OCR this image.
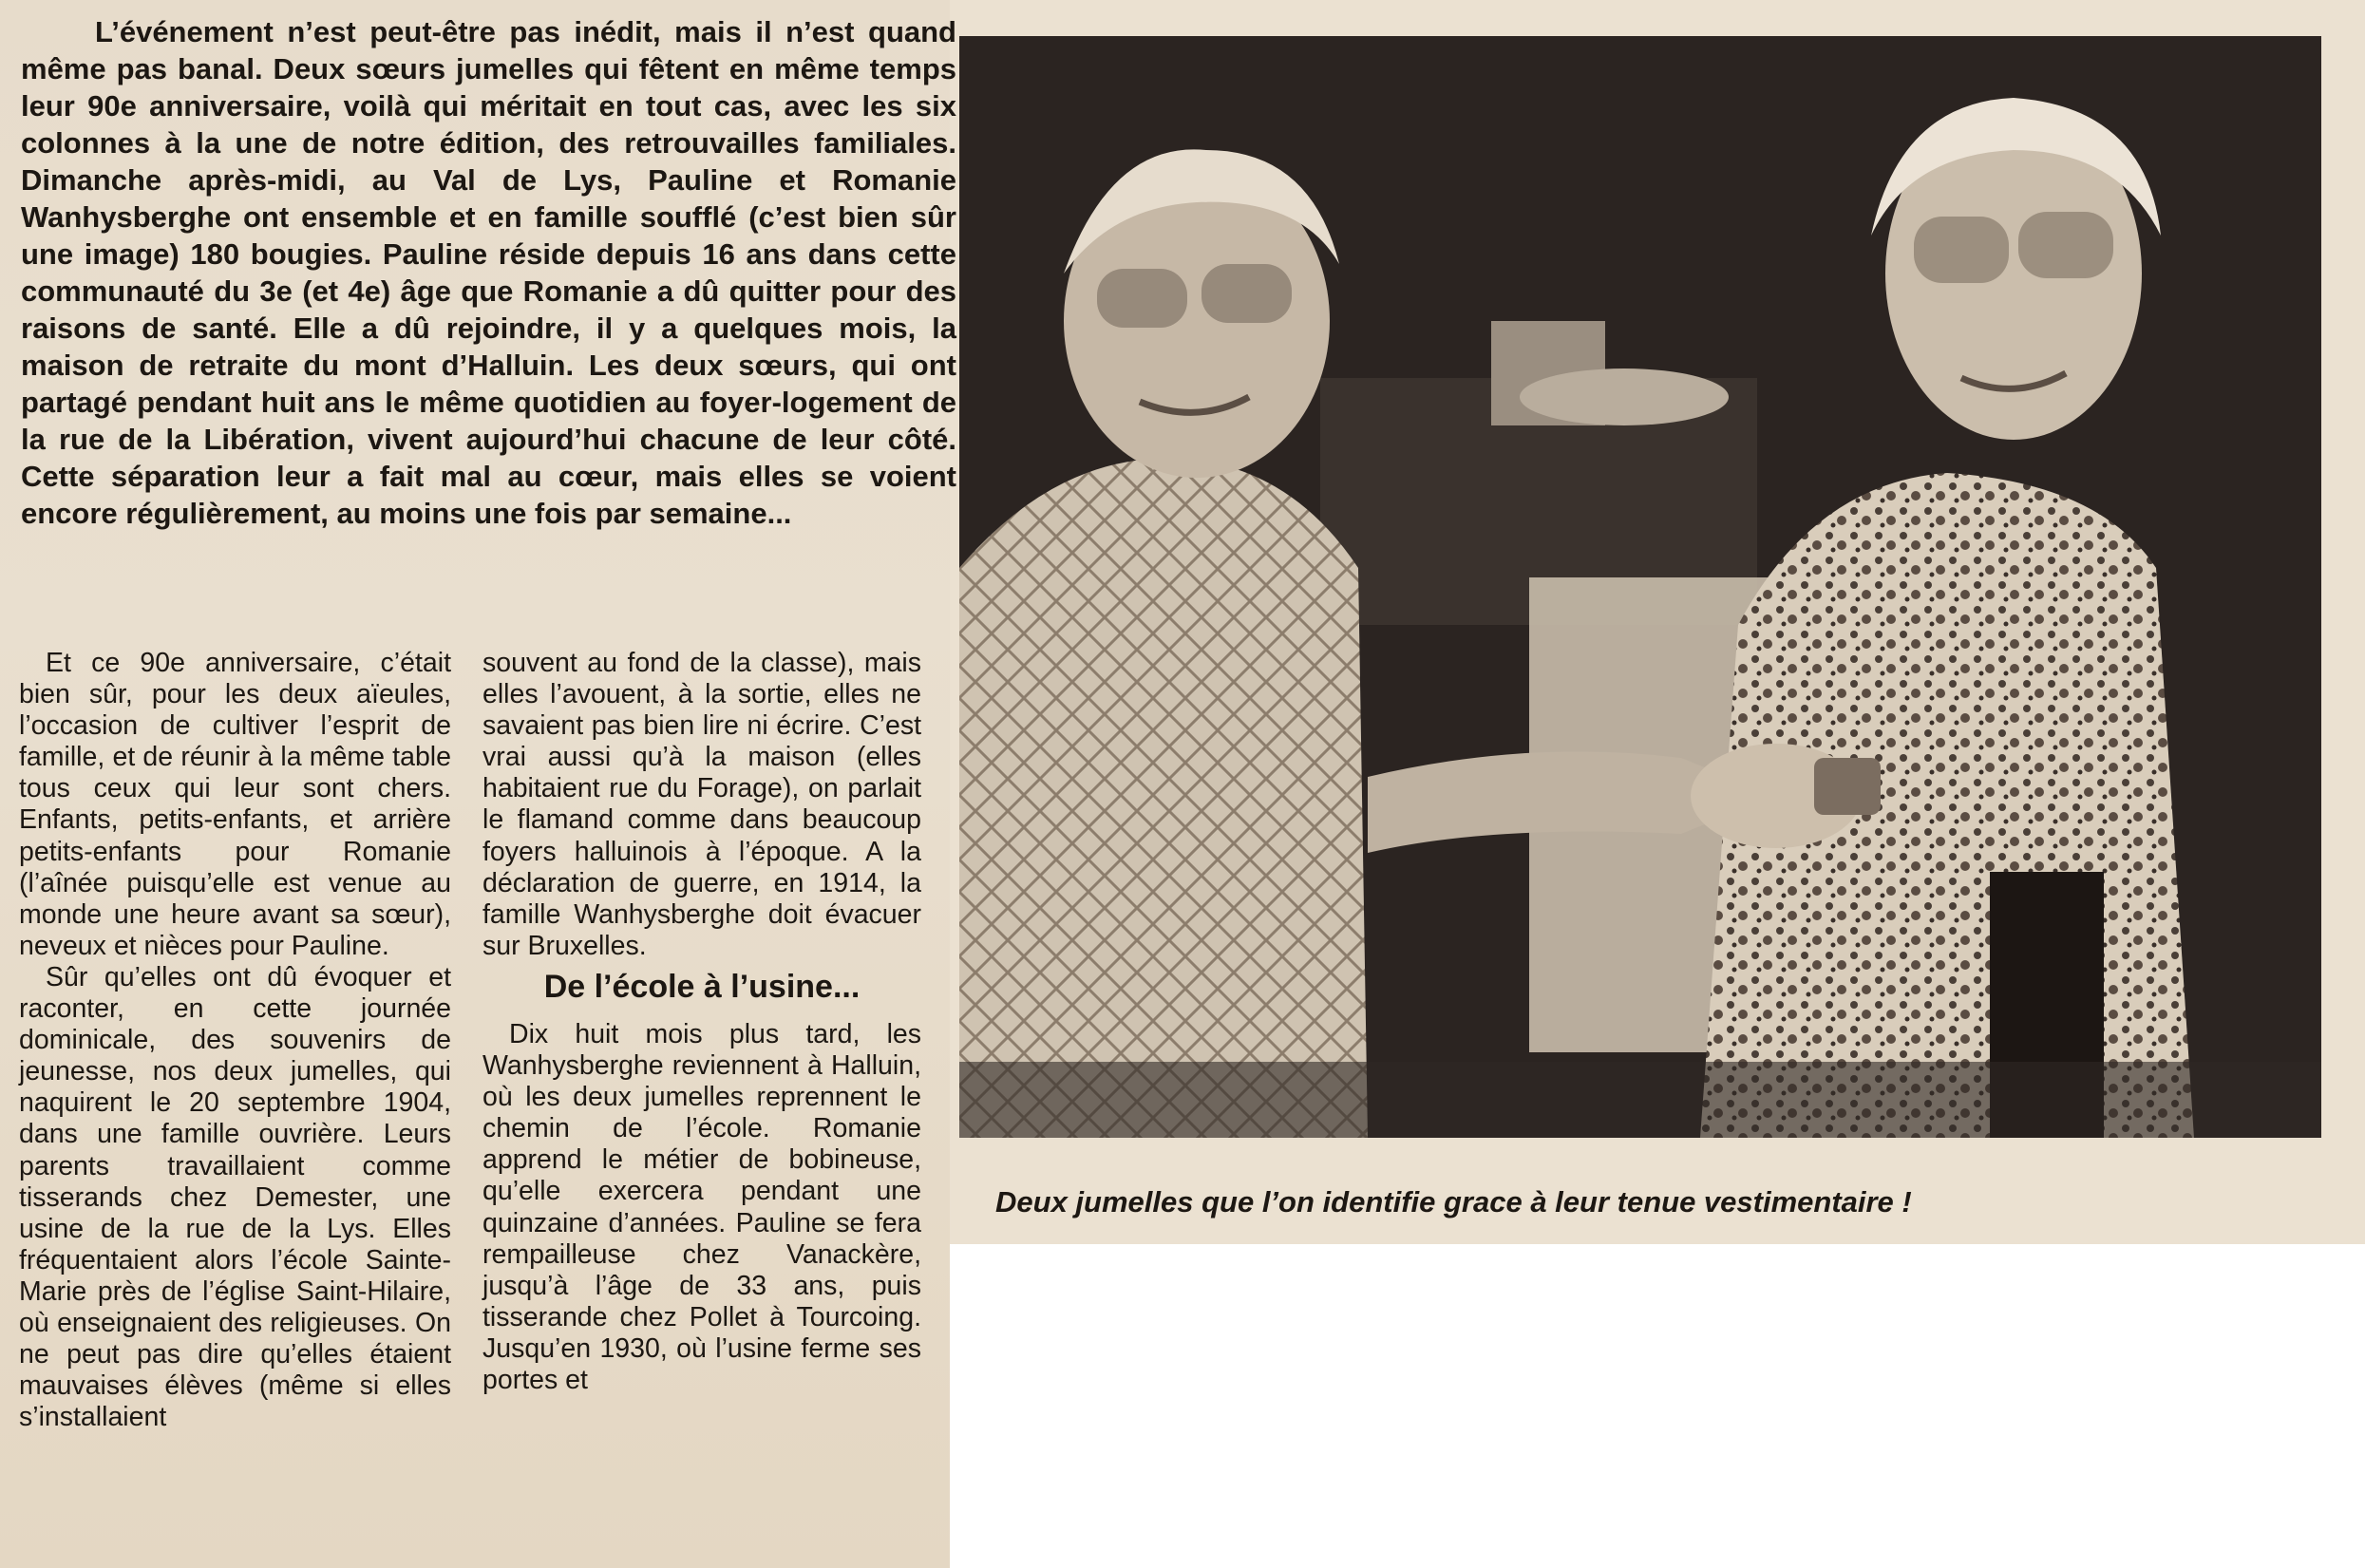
L’événement n’est peut-être pas inédit, mais il n’est quand même pas banal. Deux sœurs jumelles qui fêtent en même temps leur 90e anniversaire, voilà qui méritait en tout cas, avec les six colonnes à la une de notre édition, des retrouvailles familiales. Dimanche après-midi, au Val de Lys, Pauline et Romanie Wanhysberghe ont ensemble et en famille soufflé (c’est bien sûr une image) 180 bougies. Pauline réside depuis 16 ans dans cette communauté du 3e (et 4e) âge que Romanie a dû quitter pour des raisons de santé. Elle a dû rejoindre, il y a quelques mois, la maison de retraite du mont d’Halluin. Les deux sœurs, qui ont partagé pendant huit ans le même quotidien au foyer-logement de la rue de la Libération, vivent aujourd’hui chacune de leur côté. Cette séparation leur a fait mal au cœur, mais elles se voient encore régulièrement, au moins une fois par semaine...

Et ce 90e anniversaire, c’était bien sûr, pour les deux aïeules, l’occasion de cultiver l’esprit de famille, et de réunir à la même table tous ceux qui leur sont chers. Enfants, petits-enfants, et arrière petits-enfants pour Romanie (l’aînée puisqu’elle est venue au monde une heure avant sa sœur), neveux et nièces pour Pauline.

Sûr qu’elles ont dû évoquer et raconter, en cette journée dominicale, des souvenirs de jeunesse, nos deux jumelles, qui naquirent le 20 septembre 1904, dans une famille ouvrière. Leurs parents travaillaient comme tisserands chez Demester, une usine de la rue de la Lys. Elles fréquentaient alors l’école Sainte-Marie près de l’église Saint-Hilaire, où enseignaient des religieuses. On ne peut pas dire qu’elles étaient mauvaises élèves (même si elles s’installaient

souvent au fond de la classe), mais elles l’avouent, à la sortie, elles ne savaient pas bien lire ni écrire. C’est vrai aussi qu’à la maison (elles habitaient rue du Forage), on parlait le flamand comme dans beaucoup foyers halluinois à l’époque. A la déclaration de guerre, en 1914, la famille Wanhysberghe doit évacuer sur Bruxelles.

De l’école à l’usine...

Dix huit mois plus tard, les Wanhysberghe reviennent à Halluin, où les deux jumelles reprennent le chemin de l’école. Romanie apprend le métier de bobineuse, qu’elle exercera pendant une quinzaine d’années. Pauline se fera rempailleuse chez Vanackère, jusqu’à l’âge de 33 ans, puis tisserande chez Pollet à Tourcoing. Jusqu’en 1930, où l’usine ferme ses portes et

Deux jumelles que l’on identifie grace à leur tenue vestimentaire !
